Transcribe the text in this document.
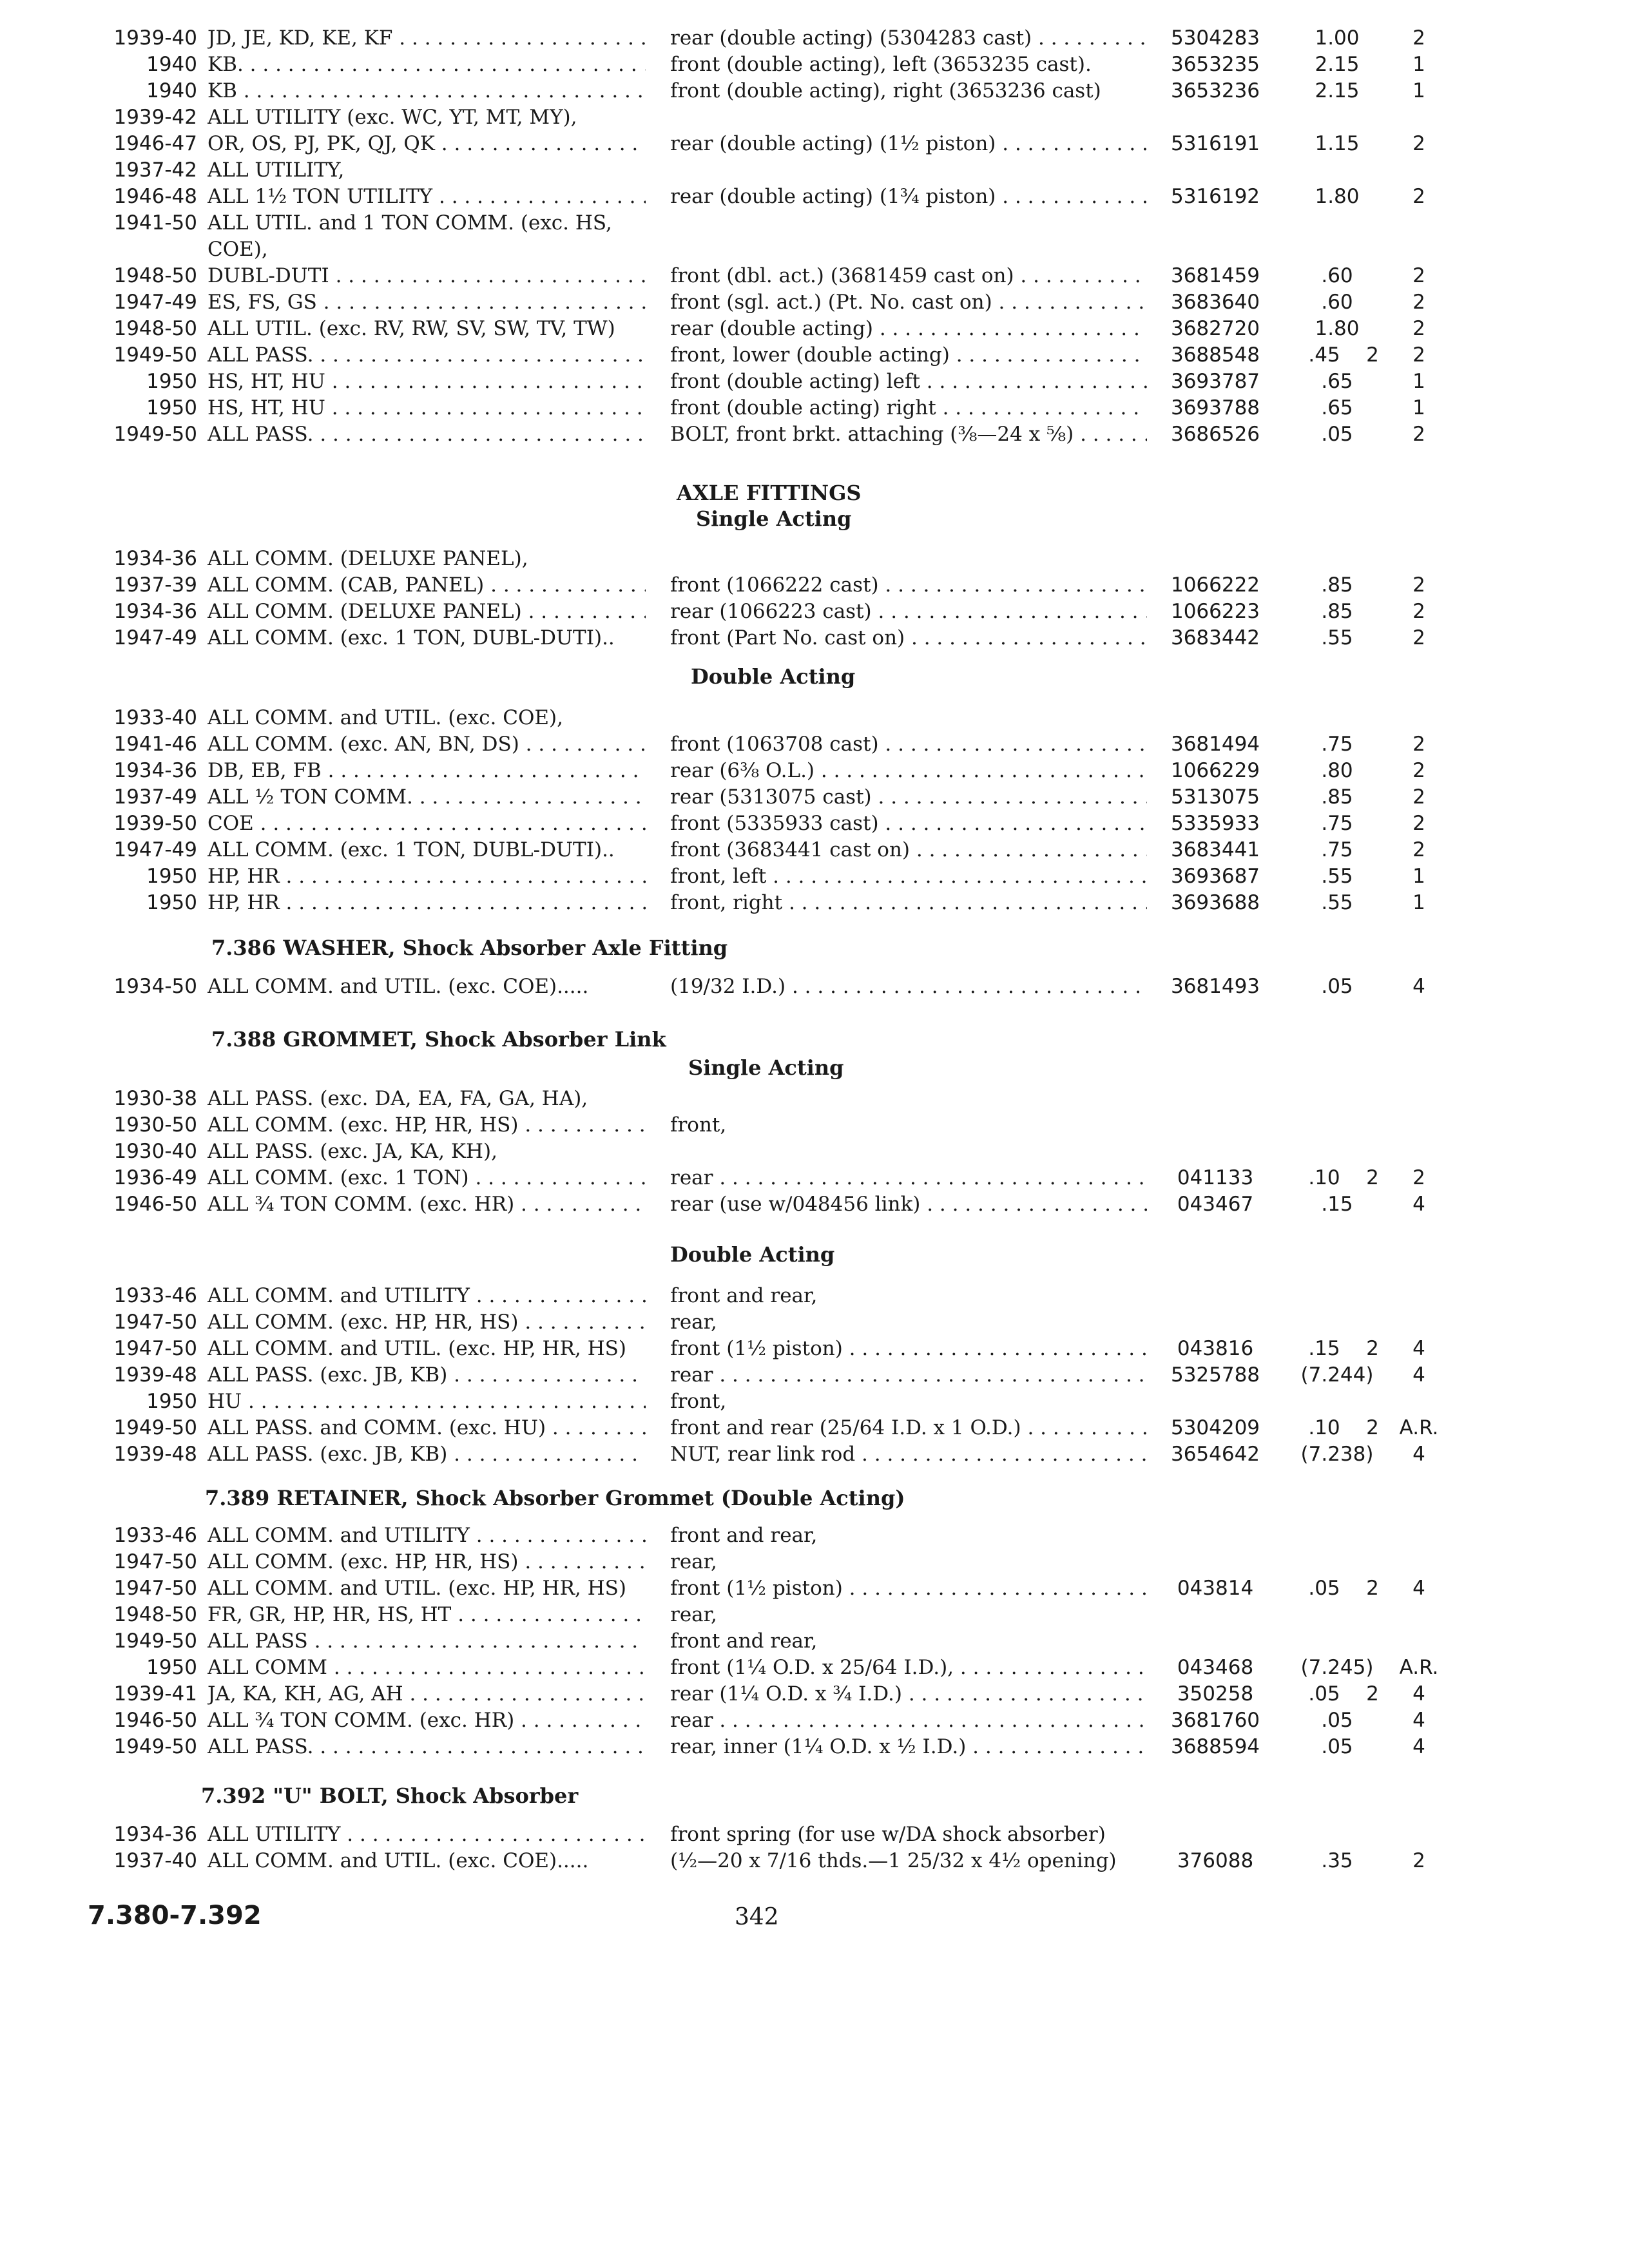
1939-40 JD, JE, KD, KE, KF . . .	rear (double acting) (5304283 cast) . . .	5304283	1.00	2
1940 KB. . . .	front (double acting), left (3653235 cast).	3653235	2.15	1
1940 KB . . .	front (double acting), right (3653236 cast)	3653236	2.15	1
1939-42 ALL UTILITY (exc. WC, YT, MT, MY),
1946-47 OR, OS, PJ, PK, QJ, QK . . .	rear (double acting) (1½ piston) . . .	5316191	1.15	2
1937-42 ALL UTILITY,
1946-48 ALL 1½ TON UTILITY . . .	rear (double acting) (1¾ piston) . . .	5316192	1.80	2
1941-50 ALL UTIL. and 1 TON COMM. (exc. HS,
COE),
1948-50 DUBL-DUTI . . .	front (dbl. act.) (3681459 cast on) . . .	3681459	.60	2
1947-49 ES, FS, GS . . .	front (sgl. act.) (Pt. No. cast on) . . .	3683640	.60	2
1948-50 ALL UTIL. (exc. RV, RW, SV, SW, TV, TW)	rear (double acting) . . .	3682720	1.80	2
1949-50 ALL PASS. . . .	front, lower (double acting) . . .	3688548	.45	2	2
1950 HS, HT, HU . . .	front (double acting) left . . .	3693787	.65	1
1950 HS, HT, HU . . .	front (double acting) right . . .	3693788	.65	1
1949-50 ALL PASS. . . .	BOLT, front brkt. attaching (⅜—24 x ⅝) . . .	3686526	.05	2
1934-36 ALL COMM. (DELUXE PANEL),
1937-39 ALL COMM. (CAB, PANEL) . . .	front (1066222 cast) . . .	1066222	.85	2
1934-36 ALL COMM. (DELUXE PANEL) . . .	rear (1066223 cast) . . .	1066223	.85	2
1947-49 ALL COMM. (exc. 1 TON, DUBL-DUTI)..	front (Part No. cast on) . . .	3683442	.55	2
1933-40 ALL COMM. and UTIL. (exc. COE),
1941-46 ALL COMM. (exc. AN, BN, DS) . . .	front (1063708 cast) . . .	3681494	.75	2
1934-36 DB, EB, FB . . .	rear (6⅜ O.L.) . . .	1066229	.80	2
1937-49 ALL ½ TON COMM. . . .	rear (5313075 cast) . . .	5313075	.85	2
1939-50 COE . . .	front (5335933 cast) . . .	5335933	.75	2
1947-49 ALL COMM. (exc. 1 TON, DUBL-DUTI)..	front (3683441 cast on) . . .	3683441	.75	2
1950 HP, HR . . .	front, left . . .	3693687	.55	1
1950 HP, HR . . .	front, right . . .	3693688	.55	1
1934-50 ALL COMM. and UTIL. (exc. COE).....	(19/32 I.D.) . . .	3681493	.05	4
1930-38 ALL PASS. (exc. DA, EA, FA, GA, HA),
1930-50 ALL COMM. (exc. HP, HR, HS) . . .	front,
1930-40 ALL PASS. (exc. JA, KA, KH),
1936-49 ALL COMM. (exc. 1 TON) . . .	rear . . .	041133	.10	2	2
1946-50 ALL ¾ TON COMM. (exc. HR) . . .	rear (use w/048456 link) . . .	043467	.15	4
1933-46 ALL COMM. and UTILITY . . .	front and rear,
1947-50 ALL COMM. (exc. HP, HR, HS) . . .	rear,
1947-50 ALL COMM. and UTIL. (exc. HP, HR, HS)	front (1½ piston) . . .	043816	.15	2	4
1939-48 ALL PASS. (exc. JB, KB) . . .	rear . . .	5325788	(7.244)	4
1950 HU . . .	front,
1949-50 ALL PASS. and COMM. (exc. HU) . . .	front and rear (25/64 I.D. x 1 O.D.) . . .	5304209	.10	2	A.R.
1939-48 ALL PASS. (exc. JB, KB) . . .	NUT, rear link rod . . .	3654642	(7.238)	4
1933-46 ALL COMM. and UTILITY . . .	front and rear,
1947-50 ALL COMM. (exc. HP, HR, HS) . . .	rear,
1947-50 ALL COMM. and UTIL. (exc. HP, HR, HS)	front (1½ piston) . . .	043814	.05	2	4
1948-50 FR, GR, HP, HR, HS, HT . . .	rear,
1949-50 ALL PASS . . .	front and rear,
1950 ALL COMM . . .	front (1¼ O.D. x 25/64 I.D.), . . .	043468	(7.245)	A.R.
1939-41 JA, KA, KH, AG, AH . . .	rear (1¼ O.D. x ¾ I.D.) . . .	350258	.05	2	4
1946-50 ALL ¾ TON COMM. (exc. HR) . . .	rear . . .	3681760	.05	4
1949-50 ALL PASS. . . .	rear, inner (1¼ O.D. x ½ I.D.) . . .	3688594	.05	4
1934-36 ALL UTILITY . . .	front spring (for use w/DA shock absorber)
1937-40 ALL COMM. and UTIL. (exc. COE).....	(½—20 x 7/16 thds.—1 25/32 x 4½ opening)	376088	.35	2
AXLE FITTINGS
Single Acting
Double Acting
7.386 WASHER, Shock Absorber Axle Fitting
7.388 GROMMET, Shock Absorber Link
Single Acting
Double Acting
7.389 RETAINER, Shock Absorber Grommet (Double Acting)
7.392 "U" BOLT, Shock Absorber
7.380-7.392	342
